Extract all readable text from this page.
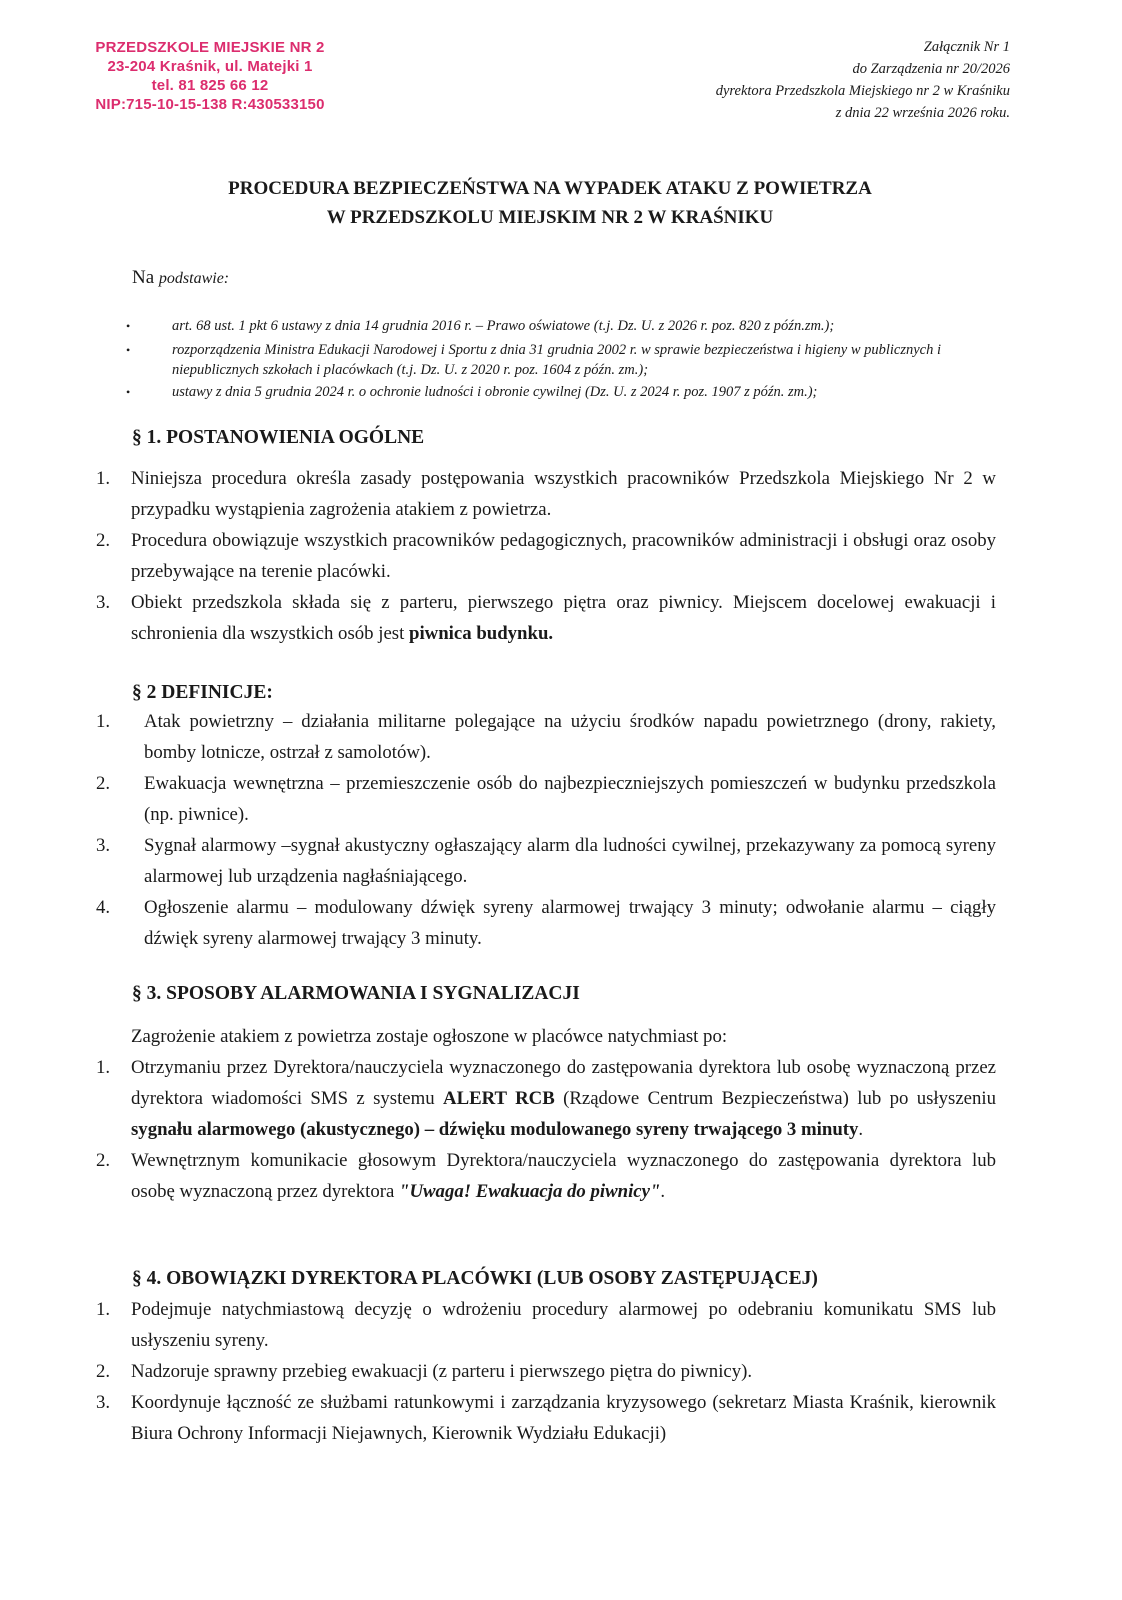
PRZEDSZKOLE MIEJSKIE NR 2
23-204 Kraśnik, ul. Matejki 1
tel. 81 825 66 12
NIP:715-10-15-138 R:430533150
Załącznik Nr 1
do Zarządzenia nr 20/2026
dyrektora Przedszkola Miejskiego nr 2 w Kraśniku
z dnia 22 września 2026 roku.
PROCEDURA BEZPIECZEŃSTWA NA WYPADEK ATAKU Z POWIETRZA
W PRZEDSZKOLU MIEJSKIM NR 2 W KRAŚNIKU
Na podstawie:
•	art. 68 ust. 1 pkt 6 ustawy z dnia 14 grudnia 2016 r. – Prawo oświatowe (t.j. Dz. U. z 2026 r. poz. 820 z późn.zm.);
•	rozporządzenia Ministra Edukacji Narodowej i Sportu z dnia 31 grudnia 2002 r. w sprawie bezpieczeństwa i higieny w publicznych i niepublicznych szkołach i placówkach (t.j. Dz. U. z 2020 r. poz. 1604 z późn. zm.);
•	ustawy z dnia 5 grudnia 2024 r. o ochronie ludności i obronie cywilnej (Dz. U. z 2024 r. poz. 1907 z późn. zm.);
§ 1. POSTANOWIENIA OGÓLNE
1.	Niniejsza procedura określa zasady postępowania wszystkich pracowników Przedszkola Miejskiego Nr 2 w przypadku wystąpienia zagrożenia atakiem z powietrza.
2.	Procedura obowiązuje wszystkich pracowników pedagogicznych, pracowników administracji i obsługi oraz osoby przebywające na terenie placówki.
3.	Obiekt przedszkola składa się z parteru, pierwszego piętra oraz piwnicy. Miejscem docelowej ewakuacji i schronienia dla wszystkich osób jest piwnica budynku.
§ 2 DEFINICJE:
1.	Atak powietrzny – działania militarne polegające na użyciu środków napadu powietrznego (drony, rakiety, bomby lotnicze, ostrzał z samolotów).
2.	Ewakuacja wewnętrzna – przemieszczenie osób do najbezpieczniejszych pomieszczeń w budynku przedszkola (np. piwnice).
3.	Sygnał alarmowy –sygnał akustyczny ogłaszający alarm dla ludności cywilnej, przekazywany za pomocą syreny alarmowej lub urządzenia nagłaśniającego.
4.	Ogłoszenie alarmu – modulowany dźwięk syreny alarmowej trwający 3 minuty; odwołanie alarmu – ciągły dźwięk syreny alarmowej trwający 3 minuty.
§ 3. SPOSOBY ALARMOWANIA I SYGNALIZACJI
Zagrożenie atakiem z powietrza zostaje ogłoszone w placówce natychmiast po:
1.	Otrzymaniu przez Dyrektora/nauczyciela wyznaczonego do zastępowania dyrektora lub osobę wyznaczoną przez dyrektora wiadomości SMS z systemu ALERT RCB (Rządowe Centrum Bezpieczeństwa) lub po usłyszeniu sygnału alarmowego (akustycznego) – dźwięku modulowanego syreny trwającego 3 minuty.
2.	Wewnętrznym komunikacie głosowym Dyrektora/nauczyciela wyznaczonego do zastępowania dyrektora lub osobę wyznaczoną przez dyrektora "Uwaga! Ewakuacja do piwnicy".
§ 4. OBOWIĄZKI DYREKTORA PLACÓWKI (LUB OSOBY ZASTĘPUJĄCEJ)
1.	Podejmuje natychmiastową decyzję o wdrożeniu procedury alarmowej po odebraniu komunikatu SMS lub usłyszeniu syreny.
2.	Nadzoruje sprawny przebieg ewakuacji (z parteru i pierwszego piętra do piwnicy).
3.	Koordynuje łączność ze służbami ratunkowymi i zarządzania kryzysowego (sekretarz Miasta Kraśnik, kierownik Biura Ochrony Informacji Niejawnych, Kierownik Wydziału Edukacji)
